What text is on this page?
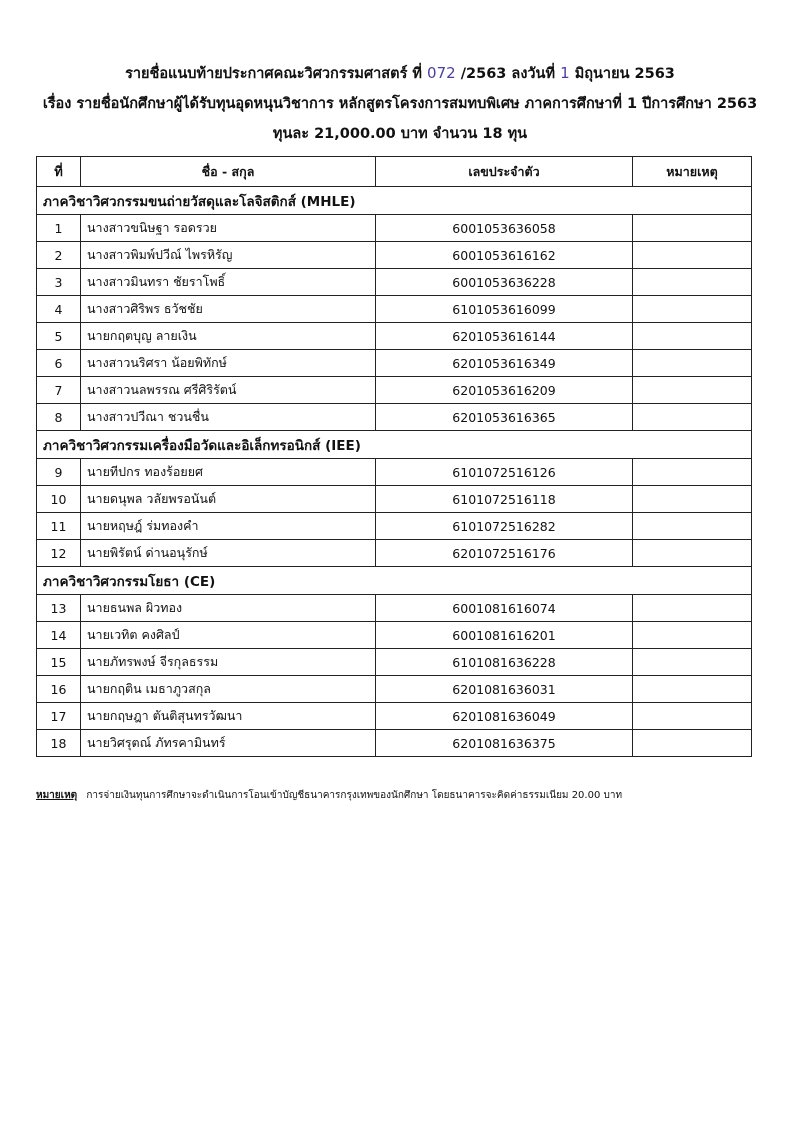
รายชื่อแนบท้ายประกาศคณะวิศวกรรมศาสตร์ ที่ 072 /2563 ลงวันที่ 1 มิถุนายน 2563
เรื่อง รายชื่อนักศึกษาผู้ได้รับทุนอุดหนุนวิชาการ หลักสูตรโครงการสมทบพิเศษ ภาคการศึกษาที่ 1 ปีการศึกษา 2563
ทุนละ 21,000.00 บาท จำนวน 18 ทุน
ที่	ชื่อ - สกุล	เลขประจำตัว	หมายเหตุ
ภาควิชาวิศวกรรมขนถ่ายวัสดุและโลจิสติกส์ (MHLE)			
1	นางสาวขนิษฐา รอดรวย	6001053636058	
2	นางสาวพิมพ์ปวีณ์ ไพรหิรัญ	6001053616162	
3	นางสาวมินทรา ชัยราโพธิ์	6001053636228	
4	นางสาวศิริพร ธวัชชัย	6101053616099	
5	นายกฤตบุญ ลายเงิน	6201053616144	
6	นางสาวนริศรา น้อยพิทักษ์	6201053616349	
7	นางสาวนลพรรณ ศรีศิริรัตน์	6201053616209	
8	นางสาวปวีณา ชวนชื่น	6201053616365	
ภาควิชาวิศวกรรมเครื่องมือวัดและอิเล็กทรอนิกส์ (IEE)			
9	นายทีปกร ทองร้อยยศ	6101072516126	
10	นายดนุพล วลัยพรอนันต์	6101072516118	
11	นายหฤษฎ์ ร่มทองคำ	6101072516282	
12	นายพิรัตน์ ด่านอนุรักษ์	6201072516176	
ภาควิชาวิศวกรรมโยธา (CE)			
13	นายธนพล ผิวทอง	6001081616074	
14	นายเวทิต คงศิลป์	6001081616201	
15	นายภัทรพงษ์ จีรกุลธรรม	6101081636228	
16	นายกฤติน เมธาภูวสกุล	6201081636031	
17	นายกฤษฎา ตันติสุนทรวัฒนา	6201081636049	
18	นายวิศรุตณ์ ภัทรคามินทร์	6201081636375	
หมายเหตุ การจ่ายเงินทุนการศึกษาจะดำเนินการโอนเข้าบัญชีธนาคารกรุงเทพของนักศึกษา โดยธนาคารจะคิดค่าธรรมเนียม 20.00 บาท
